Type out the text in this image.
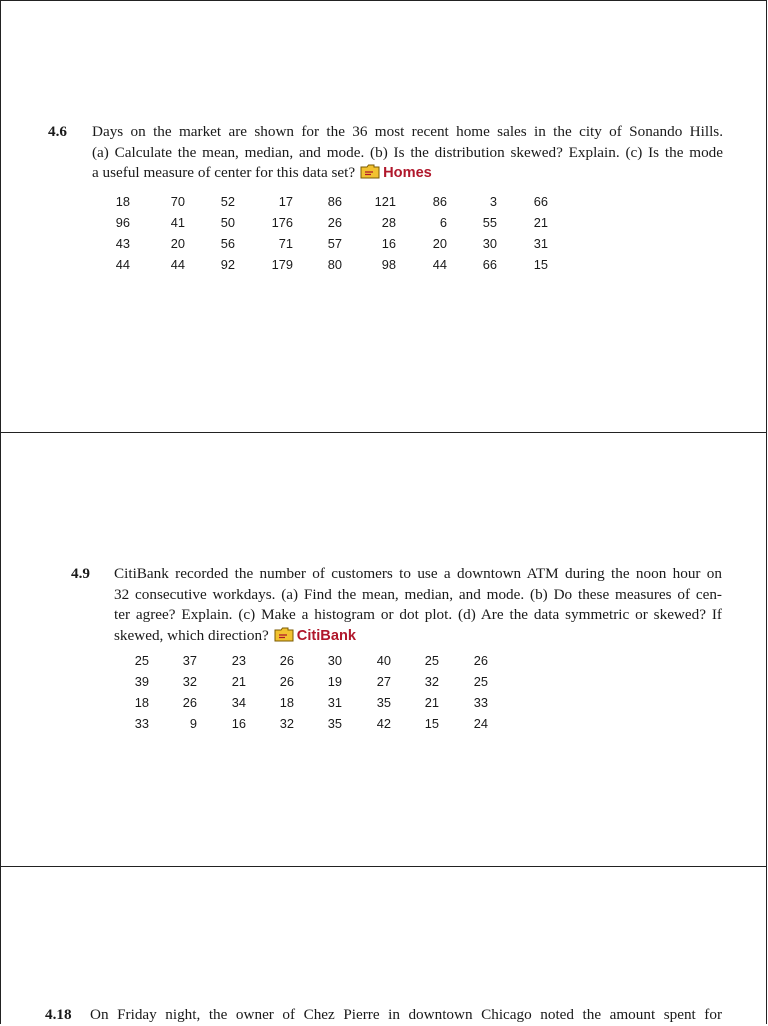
4.6 Days on the market are shown for the 36 most recent home sales in the city of Sonando Hills.
(a) Calculate the mean, median, and mode. (b) Is the distribution skewed? Explain. (c) Is the mode
a useful measure of center for this data set? Homes
18	70	52	17	86	121	86	3	66
96	41	50	176	26	28	6	55	21
43	20	56	71	57	16	20	30	31
44	44	92	179	80	98	44	66	15
4.9 CitiBank recorded the number of customers to use a downtown ATM during the noon hour on
32 consecutive workdays. (a) Find the mean, median, and mode. (b) Do these measures of cen-
ter agree? Explain. (c) Make a histogram or dot plot. (d) Are the data symmetric or skewed? If
skewed, which direction? CitiBank
25	37	23	26	30	40	25	26
39	32	21	26	19	27	32	25
18	26	34	18	31	35	21	33
33	9	16	32	35	42	15	24
4.18 On Friday night, the owner of Chez Pierre in downtown Chicago noted the amount spent for
